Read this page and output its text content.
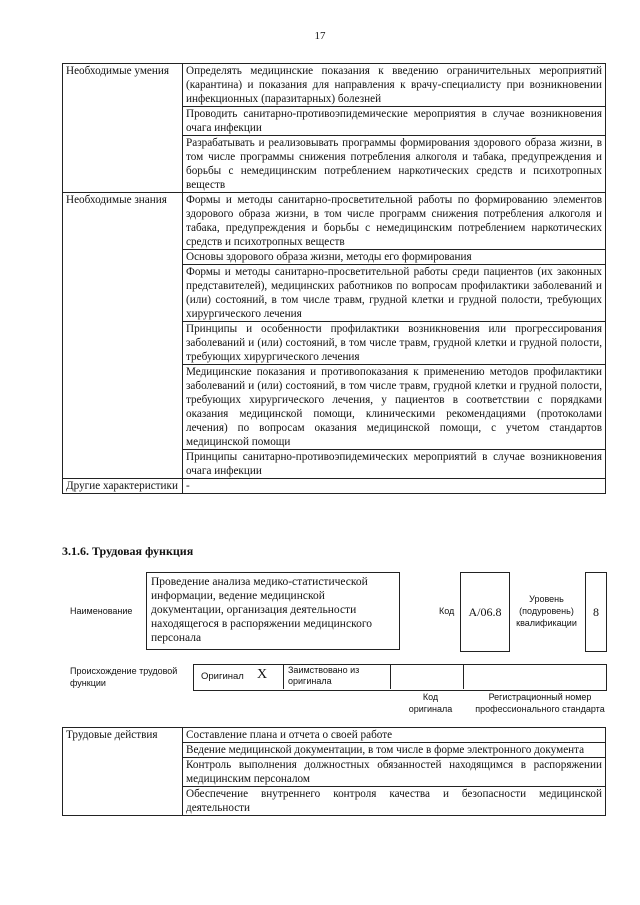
17
Необходимые умения	Определять медицинские показания к введению ограничительных мероприятий (карантина) и показания для направления к врачу-специалисту при возникновении инфекционных (паразитарных) болезней
	Проводить санитарно-противоэпидемические мероприятия в случае возникновения очага инфекции
	Разрабатывать и реализовывать программы формирования здорового образа жизни, в том числе программы снижения потребления алкоголя и табака, предупреждения и борьбы с немедицинским потреблением наркотических средств и психотропных веществ
Необходимые знания	Формы и методы санитарно-просветительной работы по формированию элементов здорового образа жизни, в том числе программ снижения потребления алкоголя и табака, предупреждения и борьбы с немедицинским потреблением наркотических средств и психотропных веществ
	Основы здорового образа жизни, методы его формирования
	Формы и методы санитарно-просветительной работы среди пациентов (их законных представителей), медицинских работников по вопросам профилактики заболеваний и (или) состояний, в том числе травм, грудной клетки и грудной полости, требующих хирургического лечения
	Принципы и особенности профилактики возникновения или прогрессирования заболеваний и (или) состояний, в том числе травм, грудной клетки и грудной полости, требующих хирургического лечения
	Медицинские показания и противопоказания к применению методов профилактики заболеваний и (или) состояний, в том числе травм, грудной клетки и грудной полости, требующих хирургического лечения, у пациентов в соответствии с порядками оказания медицинской помощи, клиническими рекомендациями (протоколами лечения) по вопросам оказания медицинской помощи, с учетом стандартов медицинской помощи
	Принципы санитарно-противоэпидемических мероприятий в случае возникновения очага инфекции
Другие характеристики	-
3.1.6. Трудовая функция
Наименование
Проведение анализа медико-статистической информации, ведение медицинской документации, организация деятельности находящегося в распоряжении медицинского персонала
Код	A/06.8
Уровень (подуровень) квалификации
8
Происхождение трудовой функции
Оригинал X Заимствовано из оригинала
Код оригинала
Регистрационный номер профессионального стандарта
Трудовые действия	Составление плана и отчета о своей работе
Ведение медицинской документации, в том числе в форме электронного документа
Контроль выполнения должностных обязанностей находящимся в распоряжении медицинским персоналом
Обеспечение внутреннего контроля качества и безопасности медицинской деятельности
